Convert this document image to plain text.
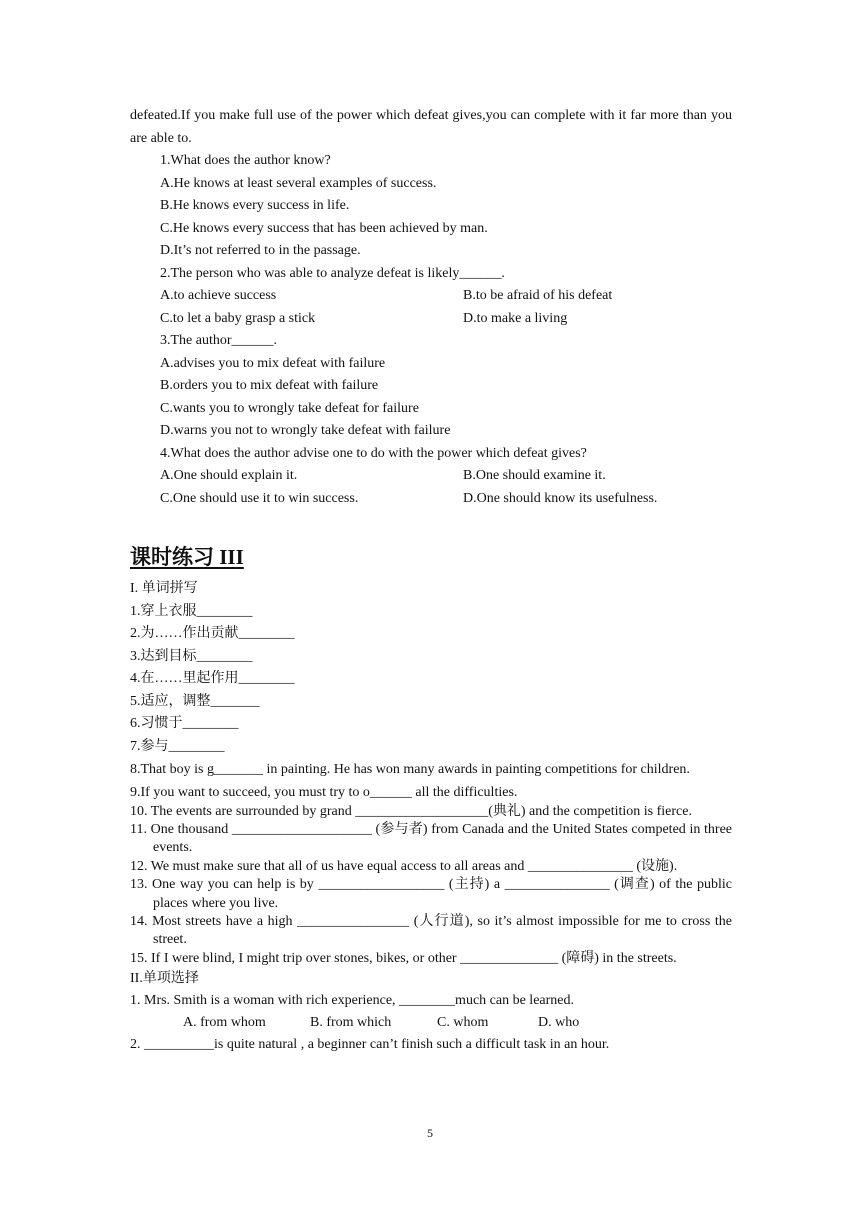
defeated.If you make full use of the power which defeat gives,you can complete with it far more than you are able to.
1.What does the author know?
A.He knows at least several examples of success.
B.He knows every success in life.
C.He knows every success that has been achieved by man.
D.It’s not referred to in the passage.
2.The person who was able to analyze defeat is likely______.
A.to achieve success	B.to be afraid of his defeat
C.to let a baby grasp a stick	D.to make a living
3.The author______.
A.advises you to mix defeat with failure
B.orders you to mix defeat with failure
C.wants you to wrongly take defeat for failure
D.warns you not to wrongly take defeat with failure
4.What does the author advise one to do with the power which defeat gives?
A.One should explain it.	B.One should examine it.
C.One should use it to win success.	D.One should know its usefulness.
课时练习 III
I. 单词拼写
1.穿上衣服________
2.为……作出贡献________
3.达到目标________
4.在……里起作用________
5.适应，调整_______
6.习惯于________
7.参与________
8.That boy is g_______ in painting. He has won many awards in painting competitions for children.
9.If you want to succeed, you must try to o______ all the difficulties.
10. The events are surrounded by grand ___________________(典礼) and the competition is fierce.
11. One thousand ____________________ (参与者) from Canada and the United States competed in three events.
12. We must make sure that all of us have equal access to all areas and _______________ (设施).
13. One way you can help is by __________________ (主持) a _______________ (调查) of the public places where you live.
14. Most streets have a high ________________ (人行道), so it’s almost impossible for me to cross the street.
15. If I were blind, I might trip over stones, bikes, or other ______________ (障碍) in the streets.
II.单项选择
1. Mrs. Smith is a woman with rich experience, ________much can be learned.
A. from whom	B. from which	C. whom	D. who
2. __________is quite natural , a beginner can’t finish such a difficult task in an hour.
5
